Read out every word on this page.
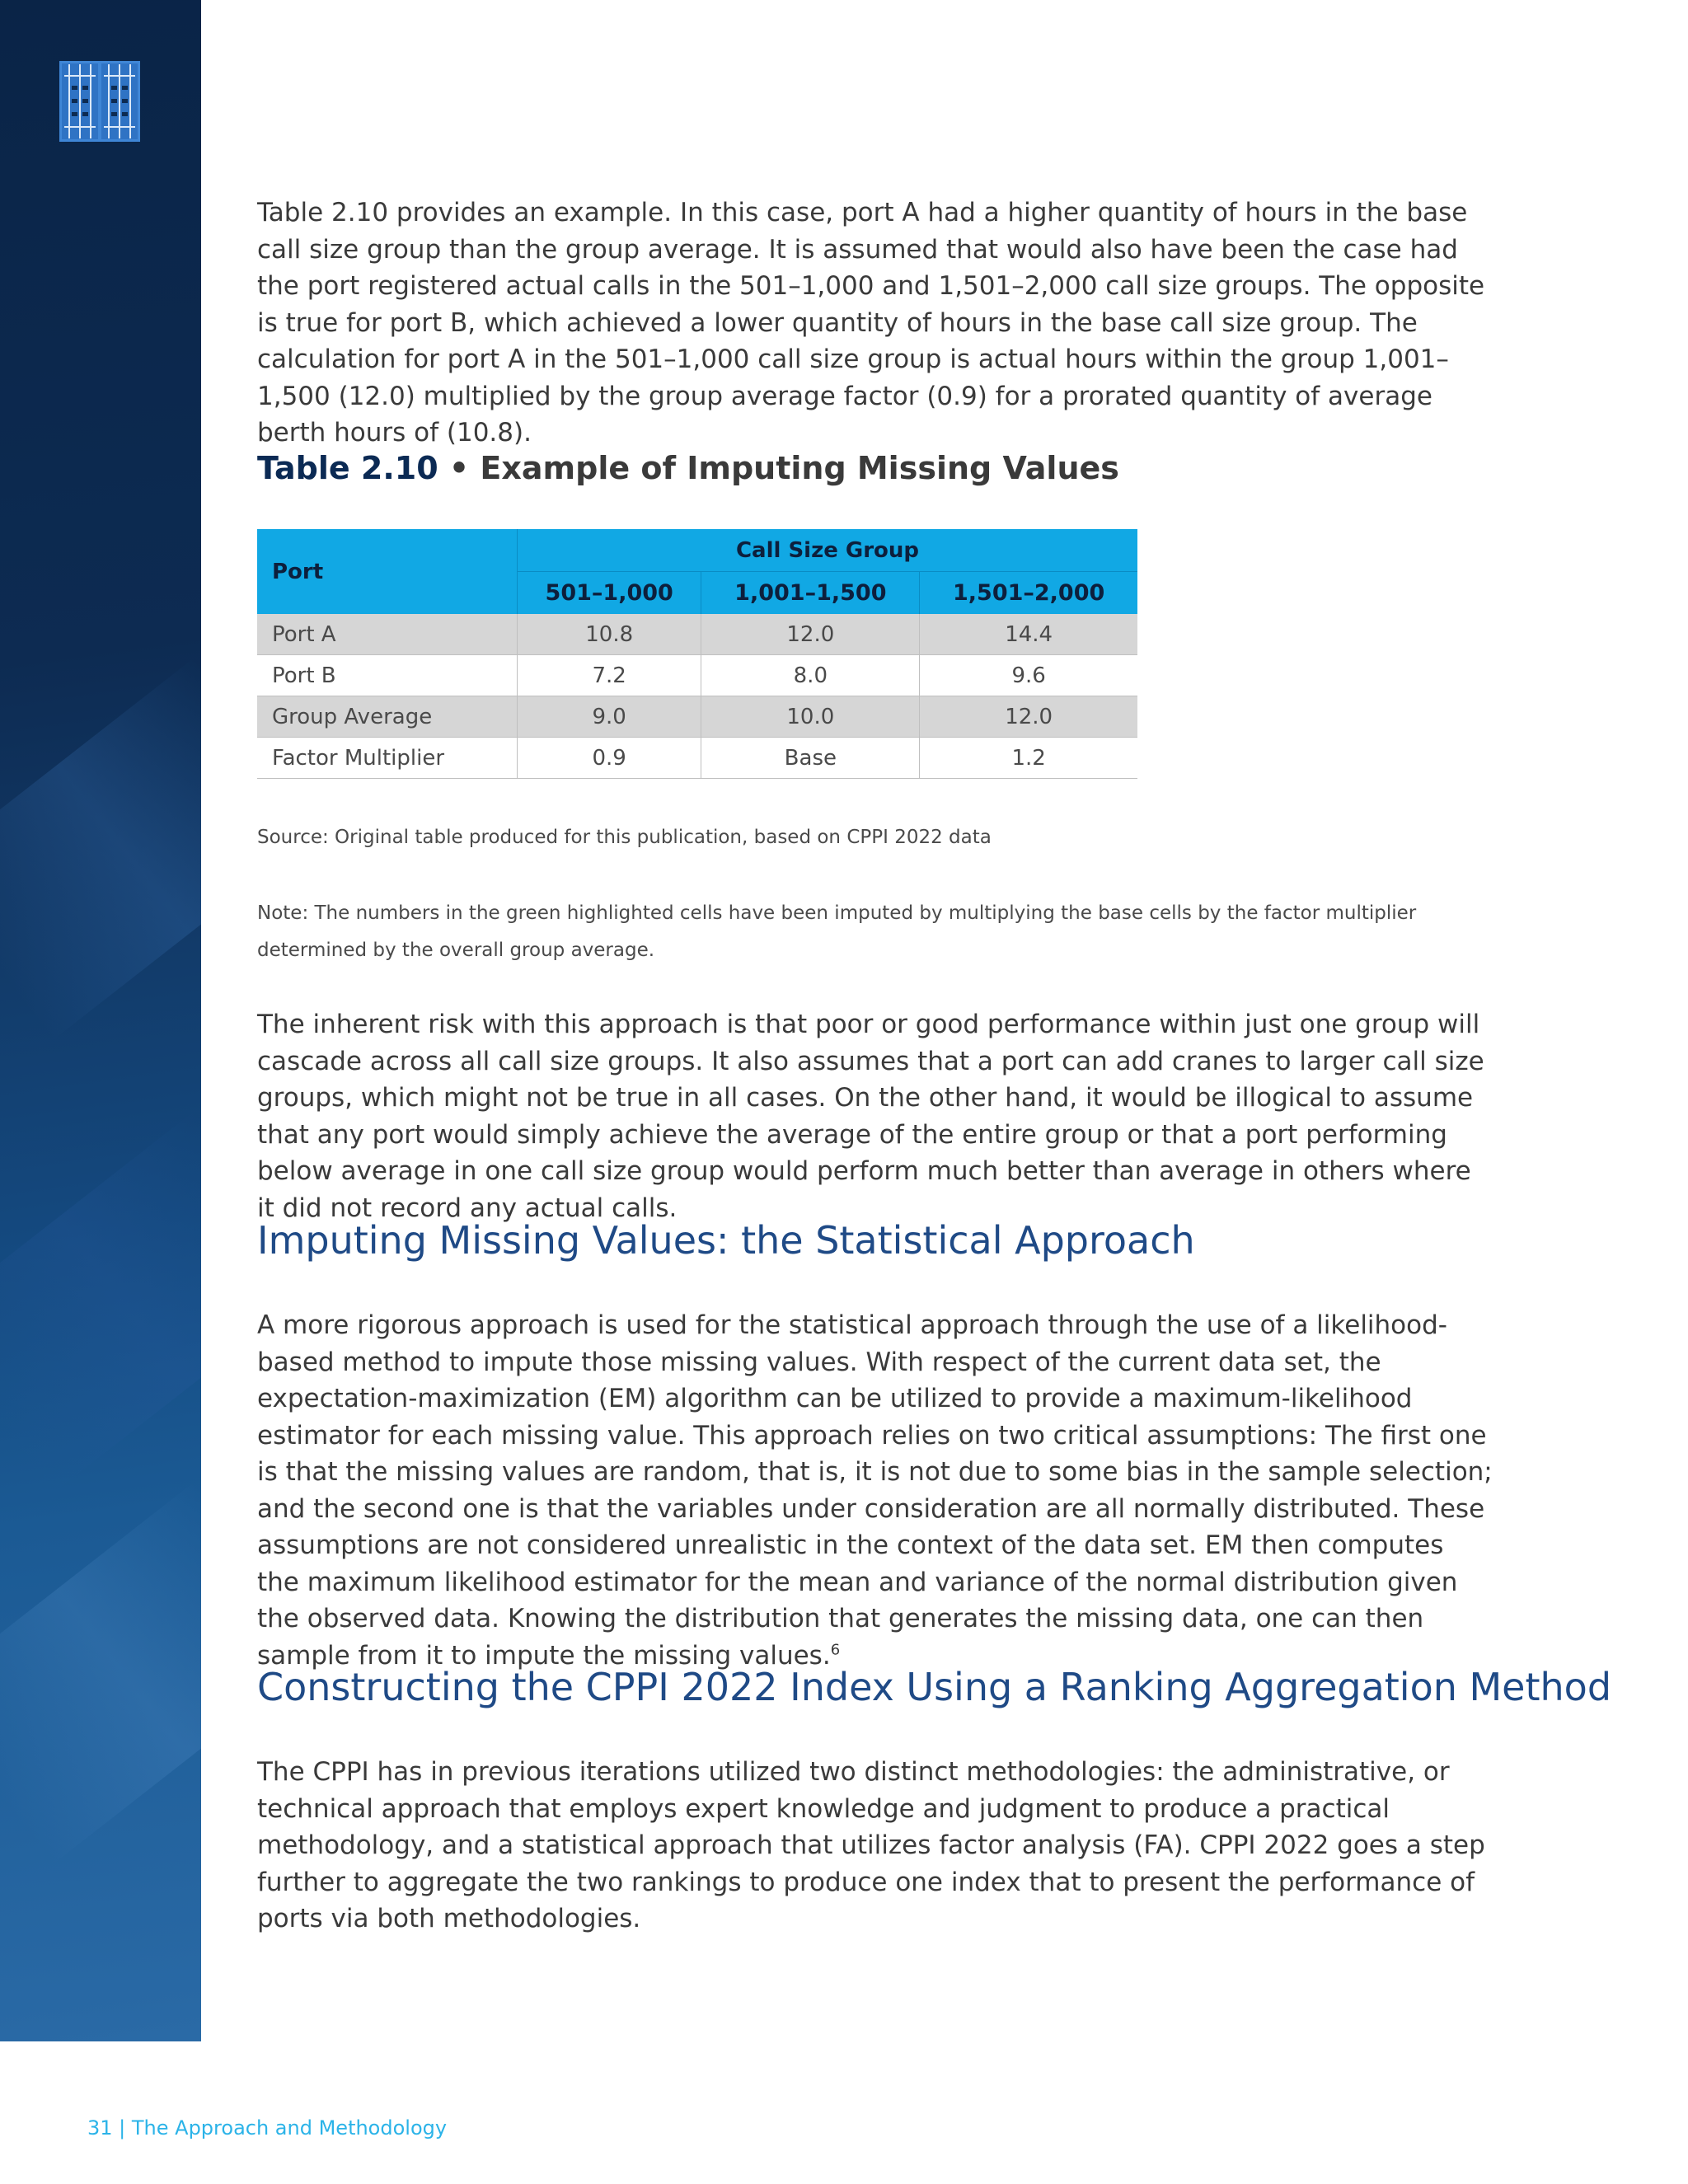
Table 2.10 provides an example. In this case, port A had a higher quantity of hours in the base call size group than the group average. It is assumed that would also have been the case had the port registered actual calls in the 501–1,000 and 1,501–2,000 call size groups. The opposite is true for port B, which achieved a lower quantity of hours in the base call size group. The calculation for port A in the 501–1,000 call size group is actual hours within the group 1,001–1,500 (12.0) multiplied by the group average factor (0.9) for a prorated quantity of average berth hours of (10.8).

Table 2.10 • Example of Imputing Missing Values
Port	Call Size Group		
	501–1,000	1,001–1,500	1,501–2,000
Port A	10.8	12.0	14.4
Port B	7.2	8.0	9.6
Group Average	9.0	10.0	12.0
Factor Multiplier	0.9	Base	1.2

Source: Original table produced for this publication, based on CPPI 2022 data

Note: The numbers in the green highlighted cells have been imputed by multiplying the base cells by the factor multiplier determined by the overall group average.

The inherent risk with this approach is that poor or good performance within just one group will cascade across all call size groups. It also assumes that a port can add cranes to larger call size groups, which might not be true in all cases. On the other hand, it would be illogical to assume that any port would simply achieve the average of the entire group or that a port performing below average in one call size group would perform much better than average in others where it did not record any actual calls.

Imputing Missing Values: the Statistical Approach

A more rigorous approach is used for the statistical approach through the use of a likelihood-based method to impute those missing values. With respect of the current data set, the expectation-maximization (EM) algorithm can be utilized to provide a maximum-likelihood estimator for each missing value. This approach relies on two critical assumptions: The first one is that the missing values are random, that is, it is not due to some bias in the sample selection; and the second one is that the variables under consideration are all normally distributed. These assumptions are not considered unrealistic in the context of the data set. EM then computes the maximum likelihood estimator for the mean and variance of the normal distribution given the observed data. Knowing the distribution that generates the missing data, one can then sample from it to impute the missing values.$^6$

Constructing the CPPI 2022 Index Using a Ranking Aggregation Method

The CPPI has in previous iterations utilized two distinct methodologies: the administrative, or technical approach that employs expert knowledge and judgment to produce a practical methodology, and a statistical approach that utilizes factor analysis (FA). CPPI 2022 goes a step further to aggregate the two rankings to produce one index that to present the performance of ports via both methodologies.

31 | The Approach and Methodology
